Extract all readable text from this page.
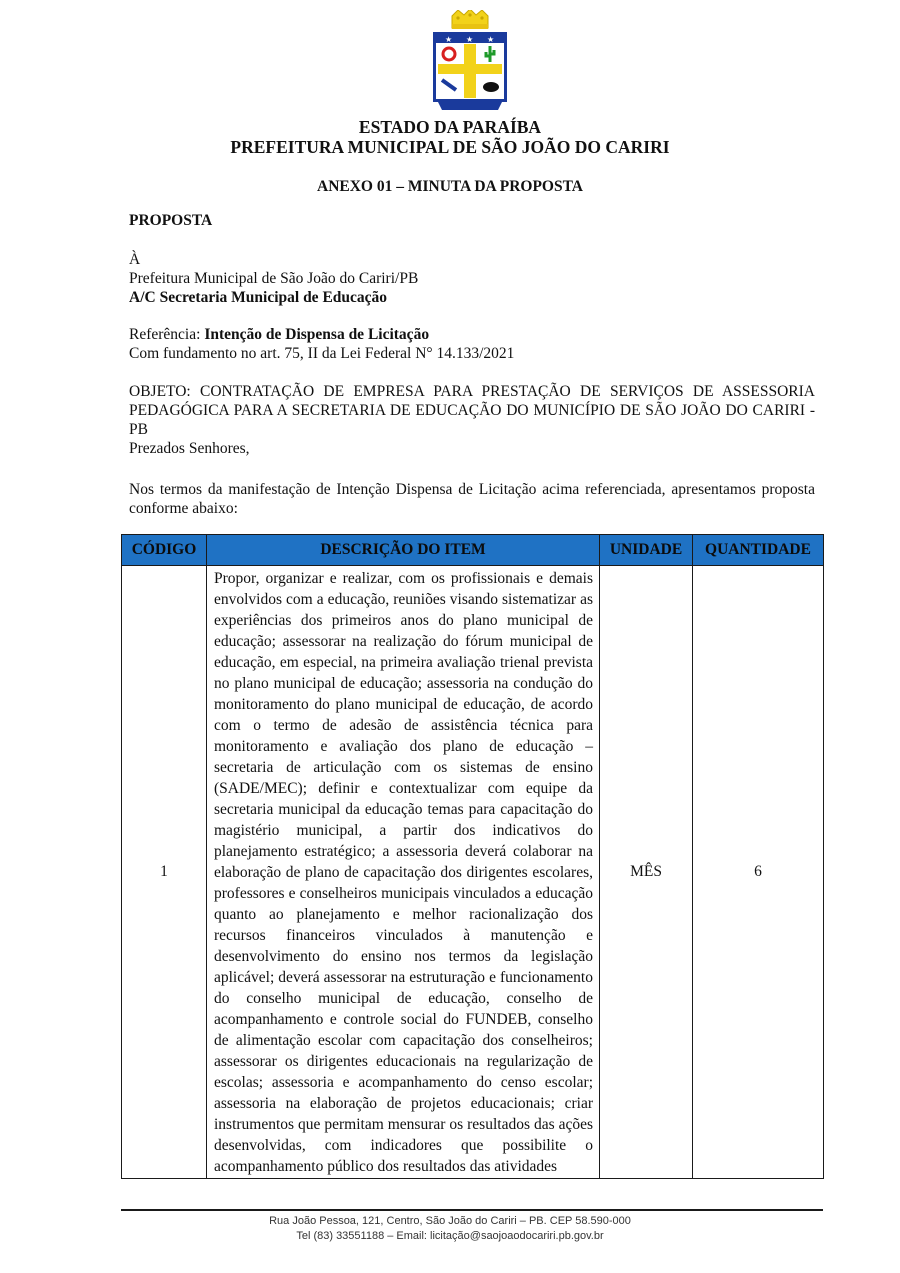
★ ★ ★
ESTADO DA PARAÍBA
PREFEITURA MUNICIPAL DE SÃO JOÃO DO CARIRI
ANEXO 01 – MINUTA DA PROPOSTA
PROPOSTA
À
Prefeitura Municipal de São João do Cariri/PB
A/C Secretaria Municipal de Educação
Referência: Intenção de Dispensa de Licitação
Com fundamento no art. 75, II da Lei Federal N° 14.133/2021
OBJETO: CONTRATAÇÃO DE EMPRESA PARA PRESTAÇÃO DE SERVIÇOS DE ASSESSORIA PEDAGÓGICA PARA A SECRETARIA DE EDUCAÇÃO DO MUNICÍPIO DE SÃO JOÃO DO CARIRI - PB
Prezados Senhores,
Nos termos da manifestação de Intenção Dispensa de Licitação acima referenciada, apresentamos proposta conforme abaixo:
CÓDIGO	DESCRIÇÃO DO ITEM	UNIDADE	QUANTIDADE
1	Propor, organizar e realizar, com os profissionais e demais envolvidos com a educação, reuniões visando sistematizar as experiências dos primeiros anos do plano municipal de educação; assessorar na realização do fórum municipal de educação, em especial, na primeira avaliação trienal prevista no plano municipal de educação; assessoria na condução do monitoramento do plano municipal de educação, de acordo com o termo de adesão de assistência técnica para monitoramento e avaliação dos plano de educação – secretaria de articulação com os sistemas de ensino (SADE/MEC); definir e contextualizar com equipe da secretaria municipal da educação temas para capacitação do magistério municipal, a partir dos indicativos do planejamento estratégico; a assessoria deverá colaborar na elaboração de plano de capacitação dos dirigentes escolares, professores e conselheiros municipais vinculados a educação quanto ao planejamento e melhor racionalização dos recursos financeiros vinculados à manutenção e desenvolvimento do ensino nos termos da legislação aplicável; deverá assessorar na estruturação e funcionamento do conselho municipal de educação, conselho de acompanhamento e controle social do FUNDEB, conselho de alimentação escolar com capacitação dos conselheiros; assessorar os dirigentes educacionais na regularização de escolas; assessoria e acompanhamento do censo escolar; assessoria na elaboração de projetos educacionais; criar instrumentos que permitam mensurar os resultados das ações desenvolvidas, com indicadores que possibilite o acompanhamento público dos resultados das atividades	MÊS	6
Rua João Pessoa, 121, Centro, São João do Cariri – PB. CEP 58.590-000
Tel (83) 33551188 – Email: licitação@saojoaodocariri.pb.gov.br
